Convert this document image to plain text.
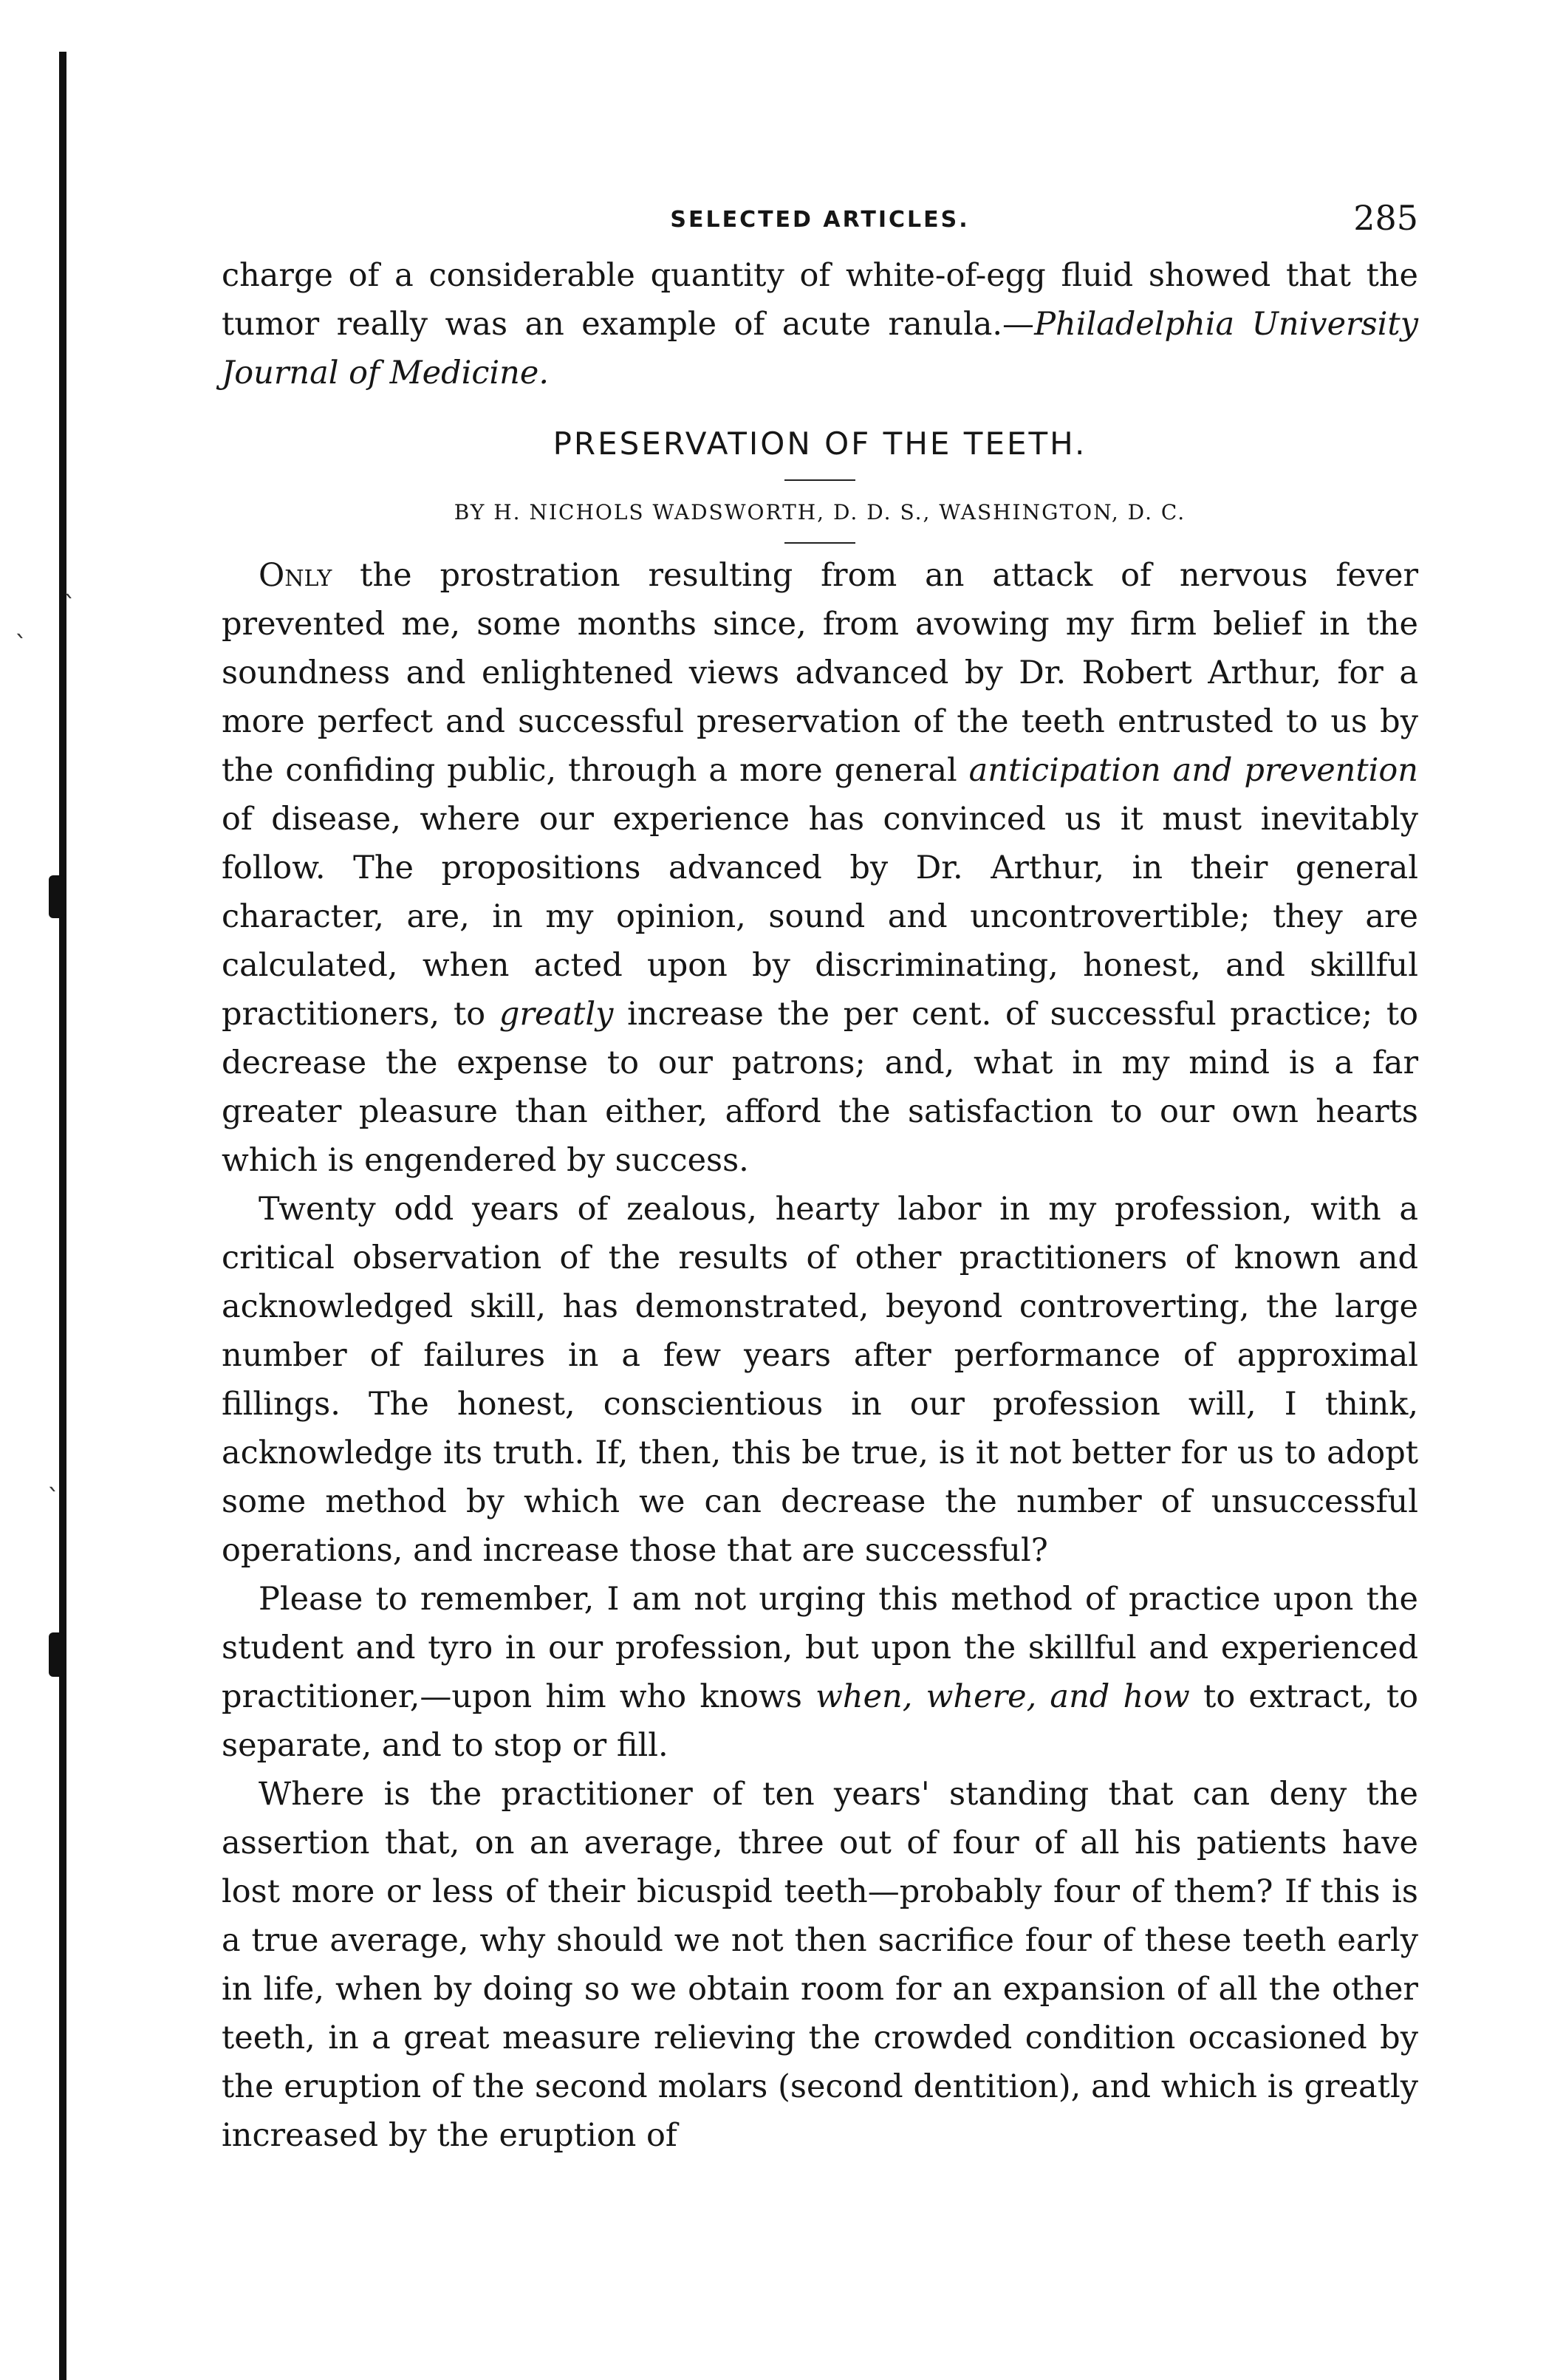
ˎ
ˋ
ˎ
SELECTED ARTICLES.	285

charge of a considerable quantity of white-of-egg fluid showed that the tumor really was an example of acute ranula.—Philadelphia University Journal of Medicine.

PRESERVATION OF THE TEETH.
BY H. NICHOLS WADSWORTH, D. D. S., WASHINGTON, D. C.

Only the prostration resulting from an attack of nervous fever prevented me, some months since, from avowing my firm belief in the soundness and enlightened views advanced by Dr. Robert Arthur, for a more perfect and successful preservation of the teeth entrusted to us by the confiding public, through a more general anticipation and prevention of disease, where our experience has convinced us it must inevitably follow. The propositions advanced by Dr. Arthur, in their general character, are, in my opinion, sound and uncontrovertible; they are calculated, when acted upon by discriminating, honest, and skillful practitioners, to greatly increase the per cent. of successful practice; to decrease the expense to our patrons; and, what in my mind is a far greater pleasure than either, afford the satisfaction to our own hearts which is engendered by success.

Twenty odd years of zealous, hearty labor in my profession, with a critical observation of the results of other practitioners of known and acknowledged skill, has demonstrated, beyond controverting, the large number of failures in a few years after performance of approximal fillings. The honest, conscientious in our profession will, I think, acknowledge its truth. If, then, this be true, is it not better for us to adopt some method by which we can decrease the number of unsuccessful operations, and increase those that are successful?

Please to remember, I am not urging this method of practice upon the student and tyro in our profession, but upon the skillful and experienced practitioner,—upon him who knows when, where, and how to extract, to separate, and to stop or fill.

Where is the practitioner of ten years' standing that can deny the assertion that, on an average, three out of four of all his patients have lost more or less of their bicuspid teeth—probably four of them? If this is a true average, why should we not then sacrifice four of these teeth early in life, when by doing so we obtain room for an expansion of all the other teeth, in a great measure relieving the crowded condition occasioned by the eruption of the second molars (second dentition), and which is greatly increased by the eruption of
